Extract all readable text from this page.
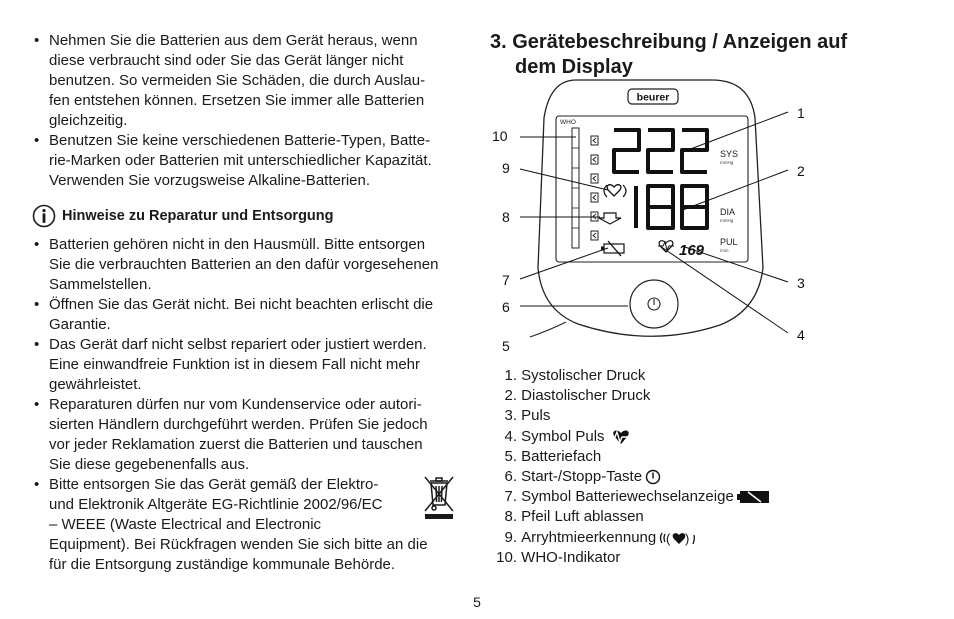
• Nehmen Sie die Batterien aus dem Gerät heraus, wenn
diese verbraucht sind oder Sie das Gerät länger nicht
benutzen. So vermeiden Sie Schäden, die durch Auslau-
fen entstehen können. Ersetzen Sie immer alle Batterien
gleichzeitig.
• Benutzen Sie keine verschiedenen Batterie-Typen, Batte-
rie-Marken oder Batterien mit unterschiedlicher Kapazität.
Verwenden Sie vorzugsweise Alkaline-Batterien.
Hinweise zu Reparatur und Entsorgung
• Batterien gehören nicht in den Hausmüll. Bitte entsorgen
Sie die verbrauchten Batterien an den dafür vorgesehenen
Sammelstellen.
• Öffnen Sie das Gerät nicht. Bei nicht beachten erlischt die
Garantie.
• Das Gerät darf nicht selbst repariert oder justiert werden.
Eine einwandfreie Funktion ist in diesem Fall nicht mehr
gewährleistet.
• Reparaturen dürfen nur vom Kundenservice oder autori-
sierten Händlern durchgeführt werden. Prüfen Sie jedoch
vor jeder Reklamation zuerst die Batterien und tauschen
Sie diese gegebenenfalls aus.
• Bitte entsorgen Sie das Gerät gemäß der Elektro-
und Elektronik Altgeräte EG-Richtlinie 2002/96/EC
– WEEE (Waste Electrical and Electronic
Equipment). Bei Rückfragen wenden Sie sich bitte an die
für die Entsorgung zuständige kommunale Behörde.
3. Gerätebeschreibung / Anzeigen auf
dem Display
beurer
WHO
SYS
mmHg
DIA
mmHg
PUL
/min
169
1
2
3
4
5
6
7
8
9
10
1.
Systolischer Druck
2.
Diastolischer Druck
3.
Puls
4.
Symbol Puls
5.
Batteriefach
6.
Start-/Stopp-Taste
7.
Symbol Batteriewechselanzeige
8.
Pfeil Luft ablassen
9.
Arryhtmieerkennung ( )
10.
WHO-Indikator
5
